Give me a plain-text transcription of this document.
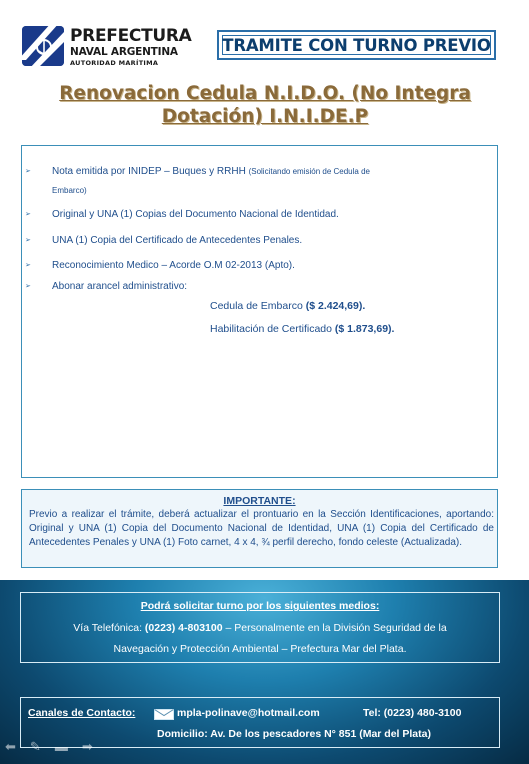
PREFECTURA
NAVAL ARGENTINA
AUTORIDAD MARÍTIMA
TRAMITE CON TURNO PREVIO
Renovacion Cedula N.I.D.O. (No Integra
Dotación) I.N.I.DE.P
➢ Nota emitida por INIDEP – Buques y RRHH (Solicitando emisión de Cedula de
Embarco)
➢ Original y UNA (1) Copias del Documento Nacional de Identidad.
➢ UNA (1) Copia del Certificado de Antecedentes Penales.
➢ Reconocimiento Medico – Acorde O.M 02-2013 (Apto).
➢ Abonar arancel administrativo:
Cedula de Embarco ($ 2.424,69).
Habilitación de Certificado ($ 1.873,69).
IMPORTANTE:
Previo a realizar el trámite, deberá actualizar el prontuario en la Sección Identificaciones, aportando: Original y UNA (1) Copia del Documento Nacional de Identidad, UNA (1) Copia del Certificado de Antecedentes Penales y UNA (1) Foto carnet, 4 x 4, ¾ perfil derecho, fondo celeste (Actualizada).
Podrá solicitar turno por los siguientes medios:
Vía Telefónica: (0223) 4-803100 – Personalmente en la División Seguridad de la
Navegación y Protección Ambiental – Prefectura Mar del Plata.
Canales de Contacto:	mpla-polinave@hotmail.com	Tel: (0223) 480-3100
Domicilio: Av. De los pescadores N° 851 (Mar del Plata)
⬅ ✎ ▬ ➡
